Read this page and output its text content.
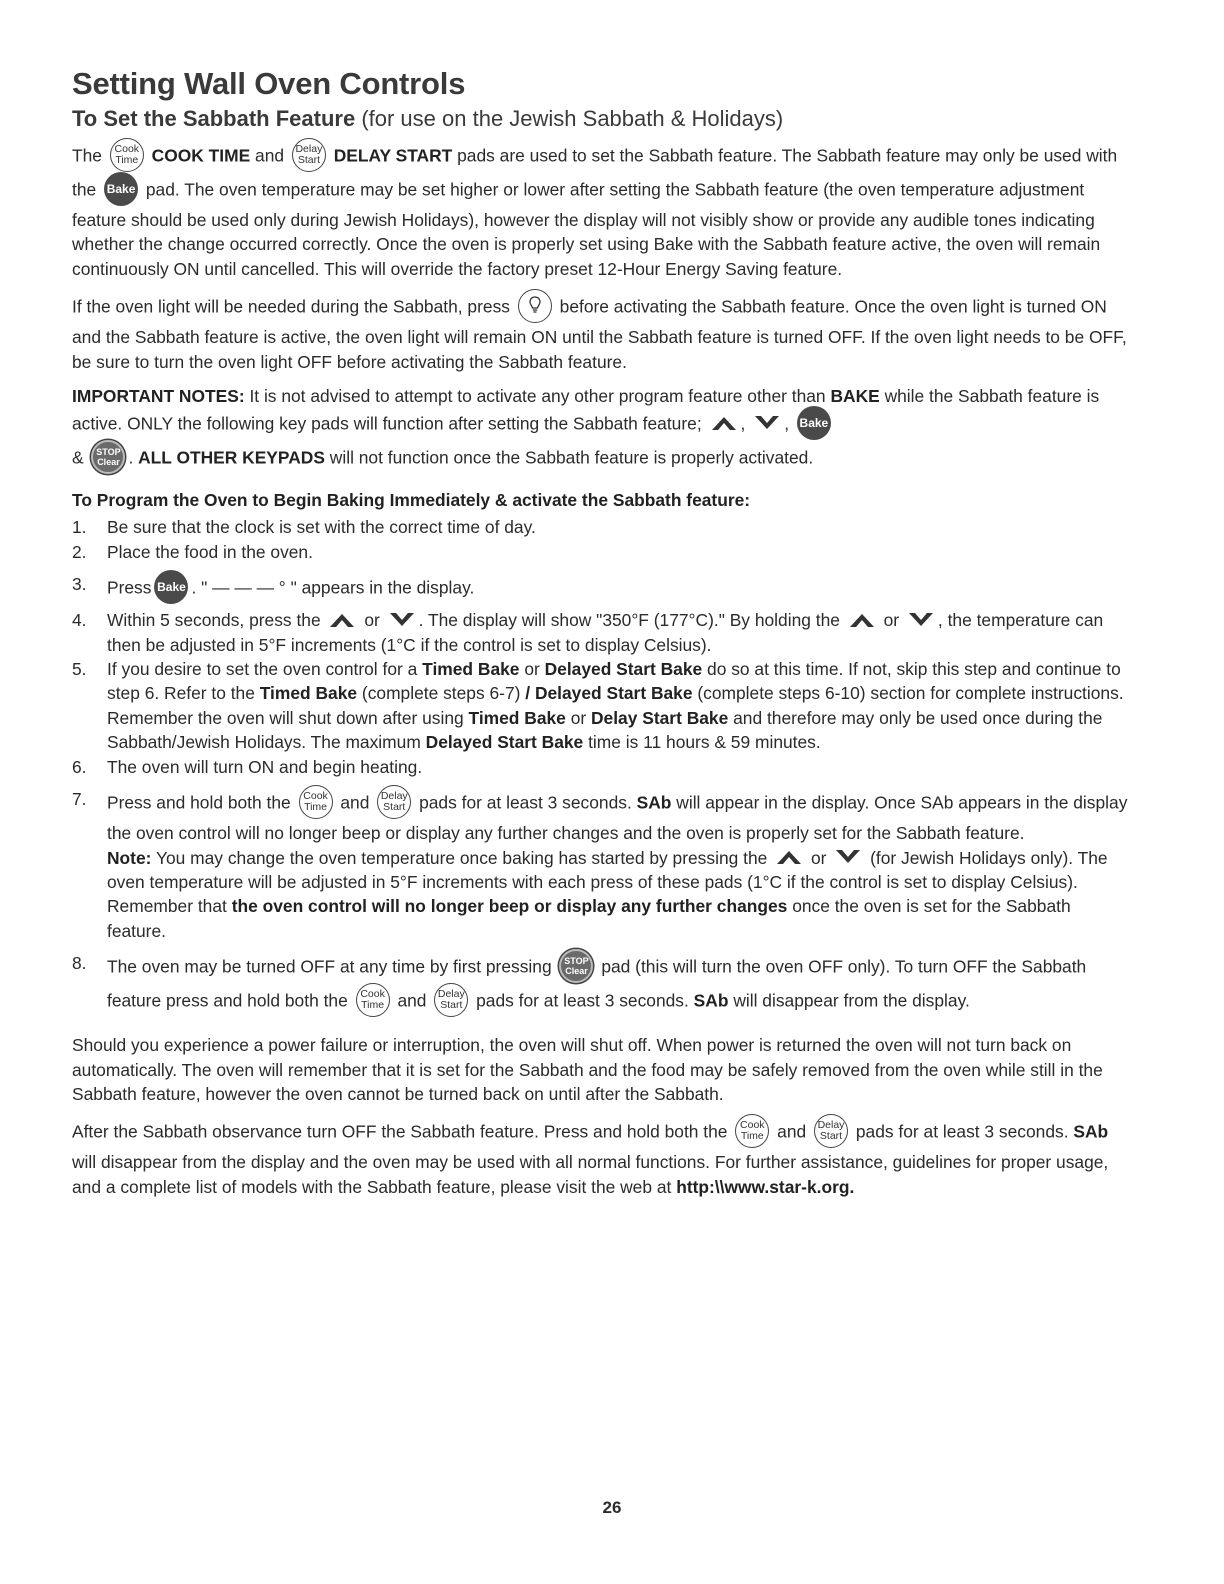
Setting Wall Oven Controls
To Set the Sabbath Feature (for use on the Jewish Sabbath & Holidays)

The Cook
Time COOK TIME and Delay
Start DELAY START pads are used to set the Sabbath feature. The Sabbath feature may only be used with the Bake pad. The oven temperature may be set higher or lower after setting the Sabbath feature (the oven temperature adjustment feature should be used only during Jewish Holidays), however the display will not visibly show or provide any audible tones indicating whether the change occurred correctly. Once the oven is properly set using Bake with the Sabbath feature active, the oven will remain continuously ON until cancelled. This will override the factory preset 12-Hour Energy Saving feature.

If the oven light will be needed during the Sabbath, press	before activating the Sabbath feature. Once the oven light is turned ON and the Sabbath feature is active, the oven light will remain ON until the Sabbath feature is turned OFF. If the oven light needs to be OFF, be sure to turn the oven light OFF before activating the Sabbath feature.

IMPORTANT NOTES: It is not advised to attempt to activate any other program feature other than BAKE while the Sabbath feature is active. ONLY the following key pads will function after setting the Sabbath feature; , , Bake
& STOP
Clear . ALL OTHER KEYPADS will not function once the Sabbath feature is properly activated.

To Program the Oven to Begin Baking Immediately & activate the Sabbath feature:
1. Be sure that the clock is set with the correct time of day.
2. Place the food in the oven.
3. Press Bake . " — — — ° " appears in the display.
4. Within 5 seconds, press the	or . The display will show "350°F (177°C)." By holding the	or , the temperature can then be adjusted in 5°F increments (1°C if the control is set to display Celsius).
5. If you desire to set the oven control for a Timed Bake or Delayed Start Bake do so at this time. If not, skip this step and continue to step 6. Refer to the Timed Bake (complete steps 6-7) / Delayed Start Bake (complete steps 6-10) section for complete instructions. Remember the oven will shut down after using Timed Bake or Delay Start Bake and therefore may only be used once during the Sabbath/Jewish Holidays. The maximum Delayed Start Bake time is 11 hours & 59 minutes.
6. The oven will turn ON and begin heating.
7. Press and hold both the Cook
Time and Delay
Start pads for at least 3 seconds. SAb will appear in the display. Once SAb appears in the display the oven control will no longer beep or display any further changes and the oven is properly set for the Sabbath feature.
Note: You may change the oven temperature once baking has started by pressing the	or	(for Jewish Holidays only). The oven temperature will be adjusted in 5°F increments with each press of these pads (1°C if the control is set to display Celsius). Remember that the oven control will no longer beep or display any further changes once the oven is set for the Sabbath feature.
8. The oven may be turned OFF at any time by first pressing STOP
Clear pad (this will turn the oven OFF only). To turn OFF the Sabbath feature press and hold both the Cook
Time and Delay
Start pads for at least 3 seconds. SAb will disappear from the display.

Should you experience a power failure or interruption, the oven will shut off. When power is returned the oven will not turn back on automatically. The oven will remember that it is set for the Sabbath and the food may be safely removed from the oven while still in the Sabbath feature, however the oven cannot be turned back on until after the Sabbath.

After the Sabbath observance turn OFF the Sabbath feature. Press and hold both the Cook
Time and Delay
Start pads for at least 3 seconds. SAb will disappear from the display and the oven may be used with all normal functions. For further assistance, guidelines for proper usage, and a complete list of models with the Sabbath feature, please visit the web at http:\\www.star-k.org.

26
